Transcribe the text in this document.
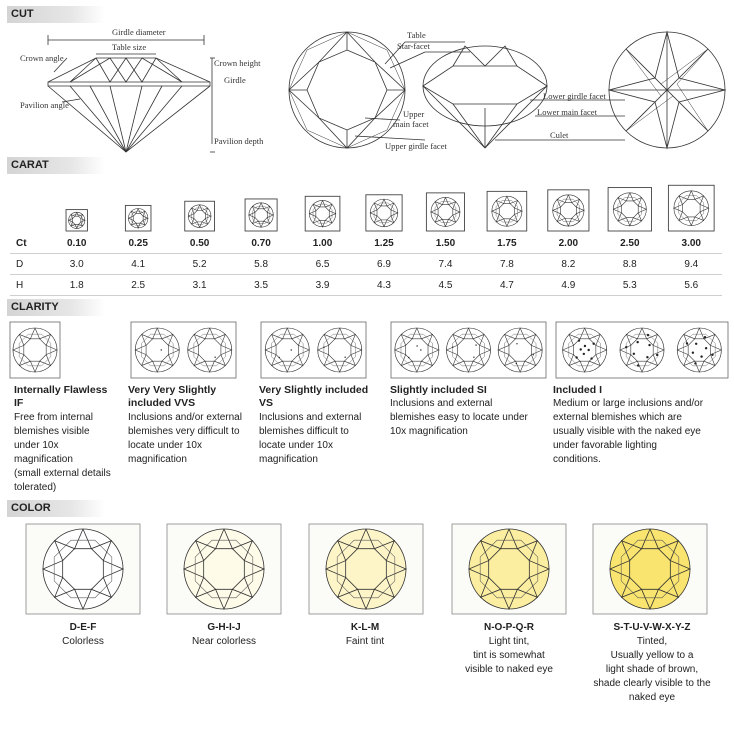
CUT
CARAT
CLARITY
COLOR
Girdle diameter
Table size
Crown angle
Pavilion angle
Crown height
Girdle
Pavilion depth
Table
Star-facet
Upper
main facet
Upper girdle facet
Lower girdle facet
Lower main facet
Culet
Ct	0.10	0.25	0.50	0.70	1.00	1.25	1.50	1.75	2.00	2.50	3.00
D	3.0	4.1	5.2	5.8	6.5	6.9	7.4	7.8	8.2	8.8	9.4
H	1.8	2.5	3.1	3.5	3.9	4.3	4.5	4.7	4.9	5.3	5.6
Internally Flawless
IF
Free from internal
blemishes visible
under 10x
magnification
(small external details
tolerated)
Very Very Slightly
included VVS
Inclusions and/or external
blemishes very difficult to
locate under 10x
magnification
Very Slightly included
VS
Inclusions and external
blemishes difficult to
locate under 10x
magnification
Slightly included SI
Inclusions and external
blemishes easy to locate under
10x magnification
Included I
Medium or large inclusions and/or
external blemishes which are
usually visible with the naked eye
under favorable lighting
conditions.
D-E-F
Colorless
G-H-I-J
Near colorless
K-L-M
Faint tint
N-O-P-Q-R
Light tint,
tint is somewhat
visible to naked eye
S-T-U-V-W-X-Y-Z
Tinted,
Usually yellow to a
light shade of brown,
shade clearly visible to the
naked eye
